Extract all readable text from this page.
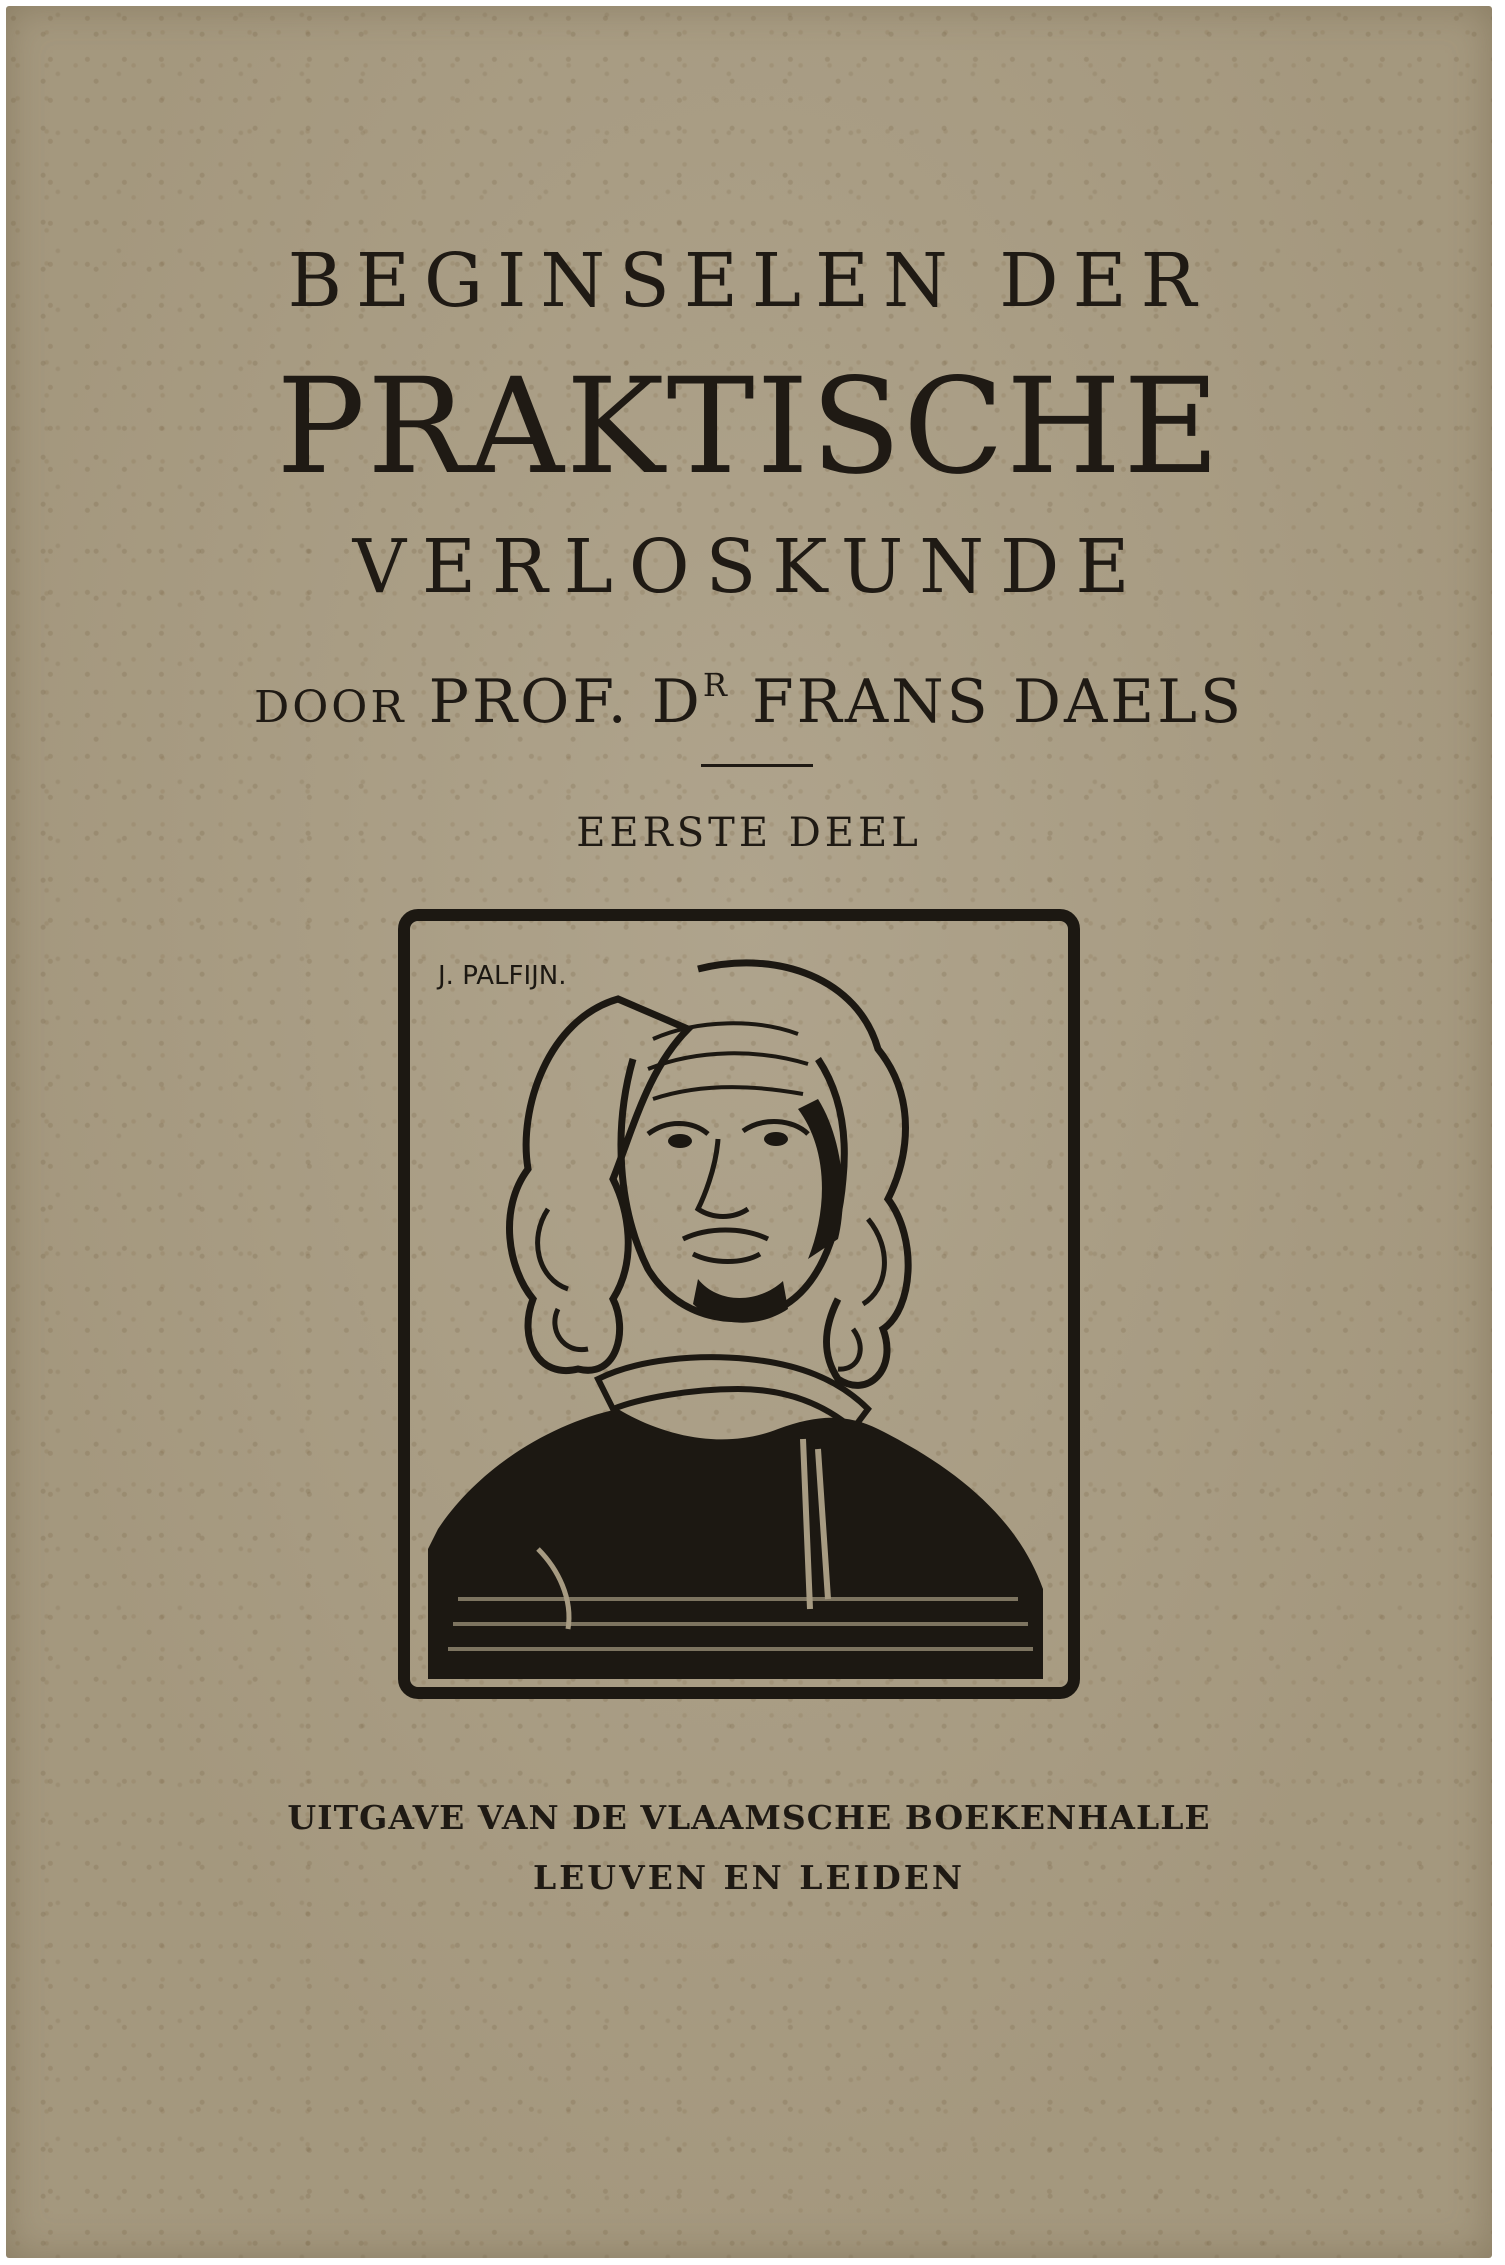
BEGINSELEN DER
PRAKTISCHE
VERLOSKUNDE
DOOR PROF. $D^R$ FRANS DAELS
EERSTE DEEL
J. PALFIJN.
UITGAVE VAN DE VLAAMSCHE BOEKENHALLE
LEUVEN EN LEIDEN
